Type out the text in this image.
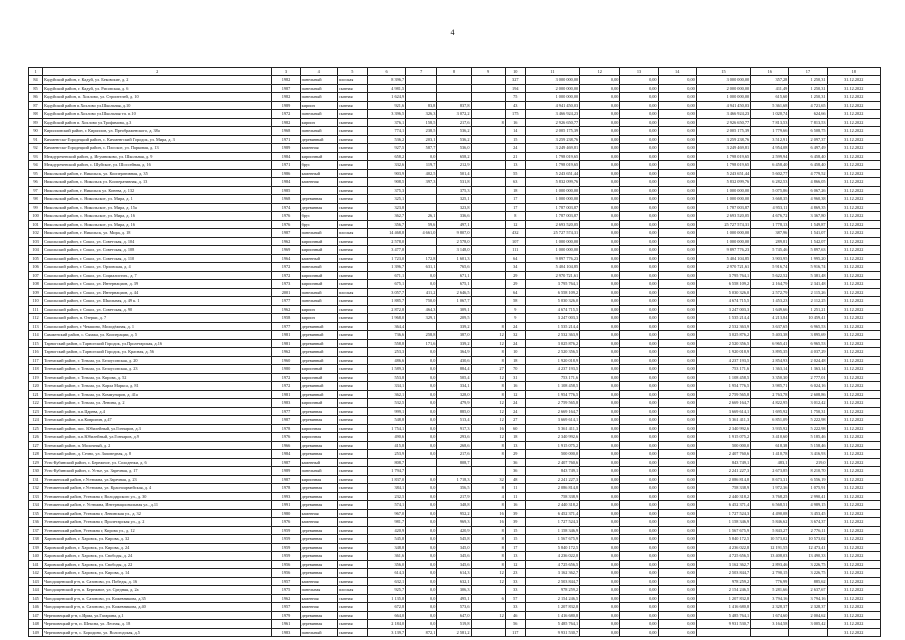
4
1	2	3	4	5	6	7	8	9	10	11	12	13	14	15	16	17	18
84	Кадуйский район, г. Кадуй, ул. Бековские, д. 2	1982	панельный	плоская	8 396,7				327	3 000 000,00	0,00	0,00	0,00	3 000 000,00	357,28	1 250,31	31.12.2022
85	Кадуйский район, г. Кадуй, ул. Рисовская, д. 6	1987	панельный	скатная	4 981,5				194	2 000 000,00	0,00	0,00	0,00	2 000 000,00	411,49	1 250,31	31.12.2022
86	Кадуйский район, п. Хохлово, ул. Строителей, д. 10	1982	панельный	скатная	1 624,9				75	1 000 000,00	0,00	0,00	0,00	1 000 000,00	615,60	1 250,31	31.12.2022
87	Кадуйский район п.Хохлово ул.Школьная, д.10	1989	кирпич	скатная	921,6	83,8	837,8		43	4 941 450,03	0,00	0,00	0,00	4 941 450,03	5 361,68	4 721,65	31.12.2022
88	Кадуйский район п.Хохлово ул.Школьная тп. п.10	1972	панельный	скатная	3 396,5	326,3	3 072,2		175	3 466 924,23	0,00	0,00	0,00	3 466 924,23	1 020,74	624,66	31.12.2022
89	Кадуйский район п. Хохлово ул.Трофимова, д.3	1982	кирпич	скатная	376,1	158,5	217,6	8	16	2 926 650,77	0,00	0,00	0,00	2 926 650,77	7 813,53	7 813,53	31.12.2022
90	Кирилловский район, г. Кириллов, ул. Преображенского, д. 38а	1968	панельный	скатная	774,1	238,5	536,2		14	2 005 175,39	0,00	0,00	0,00	2 005 175,39	1 779,66	6 508,75	31.12.2022
91	Кичменгско-Городецкий район, с. Кичменгский Городок, ул. Мира, д. 3	1971	деревянный	скатная	536,2	203,1	536,2		15	3 259 238,76	0,00	0,00	0,00	3 259 238,76	3 512,91	2 097,37	31.12.2022
92	Кичменгско-Городецкий район, с. Плоское, ул. Парковая, д. 13	1989	каменная	скатная	927,5	587,7	536,0		24	3 249 469,81	0,00	0,00	0,00	3 249 469,81	4 954,08	6 497,49	31.12.2022
93	Междуреченский район, д. Игумниково, ул. Школьная, д. 9	1984	кирпичный	скатная	658,2	0,0	658,2		21	1 798 019,65	0,00	0,00	0,00	1 798 019,65	2 599,94	6 458,40	31.12.2022
94	Междуреченский район, с. Шуйское, ул. Шоссейная, д. 16	1971	брус	скатная	332,6	119,7	212,9		13	1 798 019,65	0,00	0,00	0,00	1 798 019,65	6 458,40	6 458,40	31.12.2022
95	Никольский район, г. Никольск, ул. Кооперативная, д. 35	1986	каменный	скатная	903,9	402,5	501,4		55	5 243 651,44	0,00	0,00	0,00	5 243 651,44	5 602,77	4 779,52	31.12.2022
96	Никольский район, с. Никольск ул. Кооперативная, д. 13	1984	каменная	скатная	908,5	397,3	531,8		63	5 832 099,76	0,00	0,00	0,00	5 832 099,76	6 282,53	4 866,05	31.12.2022
97	Никольский район, г. Никольск ул. Конева, д. 132	1985		скатная	375,3		375,3		18	1 000 000,00	0,00	0,00	0,00	1 000 000,00	5 075,86	6 067,26	31.12.2022
98	Никольский район, с. Никольское, ул. Мира, д. 1	1968	деревянная	скатная	325,1		325,1		17	1 000 000,00	0,00	0,00	0,00	1 000 000,00	3 668,35	4 960,38	31.12.2022
99	Никольский район, с. Никольское, ул. Мира, д. 15а	1974	деревянная	скатная	323,8		323,8		17	1 787 003,87	0,00	0,00	0,00	1 787 003,87	4 953,11	4 869,35	31.12.2022
100	Никольский район, с. Никольское, ул. Мира, д. 16	1976	брус	скатная	362,7	26,1	336,6		8	1 787 003,87	0,00	0,00	0,00	2 693 520,05	4 676,72	3 367,80	31.12.2022
101	Никольский район, с. Никольское, ул. Мира, д. 16	1976	брус	скатная	356,7	59,6	497,1		12	2 693 520,05	0,00	0,00	0,00	25 727 574,31	1 778,13	1 549,87	31.12.2022
102	Никольский район, г. Никольск, ул. Мира, д. 18	1987	панельный	плоская	14 468,8	4 661,0	9 807,0		432	25 727 574,31	0,00	0,00	0,00	1 000 000,00	387,96	1 541,07	31.12.2022
103	Сокольский район, г. Сокол, ул. Советская, д. 104	1962	кирпичный	скатная	2 578,0		2 578,0		107	1 000 000,00	0,00	0,00	0,00	1 000 000,00	289,81	1 542,07	31.12.2022
104	Сокольский район, г. Сокол, ул. Советская, д. 108	1969	кирпичный	скатная	3 477,8		3 148,0		111	1 000 000,00	0,00	0,00	0,00	9 897 776,23	5 745,46	5 897,63	31.12.2022
105	Сокольский район, г. Сокол, ул. Советская, д. 110	1964	каменный	скатная	1 723,0	172,8	1 601,3		64	9 897 776,23	0,00	0,00	0,00	5 404 104,85	3 903,95	1 995,20	31.12.2022
106	Сокольский район, г. Сокол, ул. Орловская, д. 4	1972	панельный	скатная	1 396,7	631,1	765,6		34	5 404 104,85	0,00	0,00	0,00	2 970 721,61	5 916,74	5 916,74	31.12.2022
107	Сокольский район, г. Сокол, ул. Социалистич., д. 7	1972	кирпичный	скатная	671,1	0,0	671,1		29	2 970 721,61	0,00	0,00	0,00	3 795 764,1	5 622,52	5 381,48	31.12.2022
108	Сокольский район, г. Сокол, ул. Интернацион, д. 39	1973	кирпичный	скатная	675,1	0,0	675,1		29	3 795 764,1	0,00	0,00	0,00	6 558 109,2	2 164,79	2 341,48	31.12.2022
109	Сокольский район, г. Сокол, ул. Интернацион, д. 44	2001	панельный	плоская	3 057,7	411,2	2 646,5		64	6 558 109,2	0,00	0,00	0,00	5 030 326,0	2 572,79	2 115,26	31.12.2022
110	Сокольский район, г. Сокол, ул. Школьная, д. 49 к. 1	1977	панельный	скатная	1 885,7	750,0	1 067,7		58	5 030 326,0	0,00	0,00	0,00	4 674 715,5	1 453,23	2 112,25	31.12.2022
111	Сокольский район, г. Сокол, ул. Советская, д. 90	1962	кирпич	скатная	2 872,8	464,3	309,1		9	4 674 715,5	0,00	0,00	0,00	3 247 003,3	1 649,66	1 251,21	31.12.2022
112	Сокольский район, п. Озерки, д. 7	1958	кирпич	скатная	1 968,0	329,1	209,5		9	3 247 003,3	0,00	0,00	0,00	1 535 214,4	4 213,84	10 459,41	31.12.2022
113	Сокольский район, г. Чекшино, Молодёжная, д. 1	1977	деревянный	скатная	364,4		339,2	8	24	1 535 214,4	0,00	0,00	0,00	2 532 363,9	3 637,65	6 965,53	31.12.2022
114	Сямженский район, с. Сямжа, ул. Кооперации, д. 5	1981	деревянный	скатная	736,6	258,8	387,0	12	32	2 532 363,9	0,00	0,00	0,00	3 025 876,2	5 403,38	3 895,69	31.12.2022
115	Тарногский район, с.Тарногский Городок, ул.Пролетарская, д.16	1981	деревянный	скатная	558,8	171,6	339,2	12	24	3 025 876,2	0,00	0,00	0,00	2 520 356,5	6 965,41	6 965,53	31.12.2022
116	Тарногский район, с.Тарногский Городок, ул. Красная, д. 56	1962	деревянный	скатная	253,3	0,0	364,9	8	10	2 520 356,5	0,00	0,00	0,00	1 920 018,9	3 895,35	4 037,29	31.12.2022
117	Тотемский район, г. Тотьма, ул. Белоусовская, д. 20	1960	деревянный	скатная	486,6	0,0	430,6	8	18	1 920 018,9	0,00	0,00	0,00	4 237 193,5	2 854,93	2 024,48	31.12.2022
118	Тотемский район, г. Тотьма, ул. Белоусовская, д. 23	1980	кирпичный	скатная	1 589,3	0,0	884,4	27	70	4 237 193,5	0,00	0,00	0,00	753 171,6	1 363,14	1 363,14	31.12.2022
119	Тотемский район, г. Тотьма, ул. Кирова, д. 52	1972	кирпичный	скатная	553,8	0,0	505,4	12	31	753 171,6	0,00	0,00	0,00	1 108 458,5	3 350,30	2 777,01	31.12.2022
120	Тотемский район, г. Тотьма, ул. Карла Маркса, д. 81	1972	деревянный	скатная	334,1	0,0	334,1	8	16	1 108 458,5	0,00	0,00	0,00	1 954 776,5	3 985,71	6 024,16	31.12.2022
121	Тотемский район, г. Тотьма, ул. Коммунаров, д. 41а	1981	деревянный	скатная	362,1	0,0	328,0	8	12	1 954 776,5	0,00	0,00	0,00	2 759 565,8	2 763,78	2 608,86	31.12.2022
122	Тотемский район, г. Тотьма, ул. Ленина, д. 2	1983	кирпичный	скатная	532,5	0,0	479,9	12	24	2 759 565,8	0,00	0,00	0,00	2 669 164,7	4 822,95	3 012,42	31.12.2022
123	Тотемский район, п.п.Царева, д.4	1977	деревянная	скатная	999,1	0,0	885,0	12	24	2 669 164,7	0,00	0,00	0,00	3 669 614,1	1 695,92	1 750,31	31.12.2022
124	Тотемский район, п.п.Ковригин, д.47	1987	деревянная	скатная	548,8	0,0	513,4	12	27	3 669 614,1	0,00	0,00	0,00	5 361 411,3	6 851,09	5 222,98	31.12.2022
125	Тотемский район, пос. Юбилейный, ул.Гончаров, д.3	1978	кирпичная	скатная	1 754,1	0,0	917,3	16	60	5 361 411,3	0,00	0,00	0,00	2 340 992,6	3 935,92	5 222,98	31.12.2022
126	Тотемский район, п.п.Юбилейный, ул.Гончаров, д.9	1976	кирпичная	скатная	490,6	0,0	293,6	12	18	2 340 992,6	0,00	0,00	0,00	1 915 075,2	3 410,60	5 185,46	31.12.2022
127	Тотемский район, п. Молочный, д. 2	1966	деревянная	скатная	415,8	0,0	268,6	8	13	1 915 075,2	0,00	0,00	0,00	500 000,0	618,38	5 158,46	31.12.2022
128	Тотемский район, д. Сечно, ул. Заповедная, д. 8	1984	деревянная	скатная	253,9	0,0	217,6	8	29	500 000,0	0,00	0,00	0,00	2 407 760,6	1 410,78	3 416,93	31.12.2022
129	Усть-Кубинский район, с. Бережное, ул. Солоденки, д. 6	1987	каменный	скатная	808,7		808,7		36	2 407 760,6	0,00	0,00	0,00	843 749,1	483,1	219,0	31.12.2022
130	Усть-Кубинский район, с. Устье, ул. Заречная, д. 17	1989	панельный	скатная	1 794,7				36	843 749,1	0,00	0,00	0,00	2 241 227,3	2 673,85	8 210,70	31.12.2022
131	Устюженский район, г.Устюжна, ул.Заречная, д. 23	1987	кирпичная	скатная	1 837,0	0,0	1 718,3	32	48	2 241 227,3	0,00	0,00	0,00	2 086 814,8	8 673,31	6 556,19	31.12.2022
132	Устюженский район, г.Устюжна, ул. Красноармейская, д. 4	1978	деревянная	скатная	384,1	0,0	356,5	8	11	2 086 814,8	0,00	0,00	0,00	758 338,9	1 972,36	1 075,91	31.12.2022
133	Устюженский район, Устюжна г, Володарского ул., д. 30	1993	деревянная	скатная	232,5	0,0	217,9	4	11	758 338,9	0,00	0,00	0,00	2 440 318,2	3 768,25	2 990,41	31.12.2022
134	Устюженский район, г. Устюжна, Интернациональная ул., д.11	1991	деревянная	скатная	574,1	0,0	348,8	8	16	2 440 318,2	0,00	0,00	0,00	6 452 371,4	6 568,51	4 989,15	31.12.2022
135	Устюженский район, Устюжна г, Ленинская ул., д. 32	1980	каменная	скатная	967,0	0,0	952,2	16	39	6 452 371,4	0,00	0,00	0,00	1 727 524,3	4 490,08	3 453,45	31.12.2022
136	Устюженский район, Устюжна г, Пролетарская ул., д. 2	1976	каменная	скатная	981,7	0,0	969,3	16	39	1 727 524,3	0,00	0,00	0,00	1 158 346,9	5 846,62	3 674,37	31.12.2022
137	Устюженский район, Устюжна г, Кирова ул., д. 12	1959	деревянная	скатная	420,9	0,0	420,9	8	15	1 158 346,9	0,00	0,00	0,00	1 567 675,9	5 843,27	2 776,11	31.12.2022
138	Харовский район, г. Харовск, ул. Кирова, д. 32	1959	деревянная	скатная	545,8	0,0	545,8	8	15	1 567 675,9	0,00	0,00	0,00	5 840 172,5	10 573,02	10 573,02	31.12.2022
139	Харовский район, г. Харовск, ул. Кирова, д. 24	1959	деревянная	скатная	348,8	0,0	345,0	8	17	5 840 172,5	0,00	0,00	0,00	4 236 022,8	12 191,55	12 473,41	31.12.2022
140	Харовский район, г. Харовск, ул. Свободы, д. 24	1959	деревянная	скатная	361,6	0,0	345,6	8	13	4 236 022,8	0,00	0,00	0,00	4 725 656,5	13 408,03	13 490,33	31.12.2022
141	Харовский район, г. Харовск, ул. Свободы, д. 22	1956	деревянная	скатная	356,0	0,0	345,6	8	12	4 725 656,5	0,00	0,00	0,00	3 162 362,7	2 893,46	3 226,75	31.12.2022
142	Харовский район, г. Харовск, ул. Кирова, д. 14	1956	деревянная	скатная	614,3	0,0	614,3	12	23	3 162 362,7	0,00	0,00	0,00	2 503 844,7	2 790,15	3 226,75	31.12.2022
143	Чагодощенский р-н, п. Сазоново, ул. Победы, д. 16	1957	каменная	скатная	632,1	0,0	632,1	12	33	2 503 844,7	0,00	0,00	0,00	978 259,2	776,99	885,62	31.12.2022
144	Чагодощенский р-н, п. Бережное, ул. Средняя, д. 2а	1975	панельная	плоская	925,7	0,0	306,3		33	978 259,2	0,00	0,00	0,00	2 154 246,5	5 281,66	2 637,67	31.12.2022
145	Чагодощенский р-н, п. Сазоново, ул. Кожевникова, д.35	1962	каменная	скатная	1 135,8	0,0	495,1	6	57	2 154 246,5	0,00	0,00	0,00	1 207 832,8	3 794,16	3 794,16	31.12.2022
146	Чагодощенский р-н, п. Сазоново, ул. Кожевникова, д.40	1957	каменная	скатная	672,8	0,0	573,6		33	1 207 832,8	0,00	0,00	0,00	1 416 680,8	2 328,37	2 328,37	31.12.2022
147	Череповецкий р-н, с.Ирма, ул.Гагарина, д.1	1979	деревянная	скатная	664,0	0,0	647,0	12	46	1 416 680,8	0,00	0,00	0,00	5 485 764,1	1 674,60	2 004,62	31.12.2022
148	Череповецкий р-н, п. Шексна, ул. Лесная, д. 18	1961	деревянная	скатная	2 184,0	0,0	519,8		56	5 485 764,1	0,00	0,00	0,00	9 931 530,7	3 164,58	3 005,42	31.12.2022
149	Череповецкий р-н, с. Бородино, ул. Вологодская, д.5	1983	панельный	скатная	3 139,7	872,1	2 581,2		117	9 931 530,7	0,00	0,00	0,00				31.12.2022
